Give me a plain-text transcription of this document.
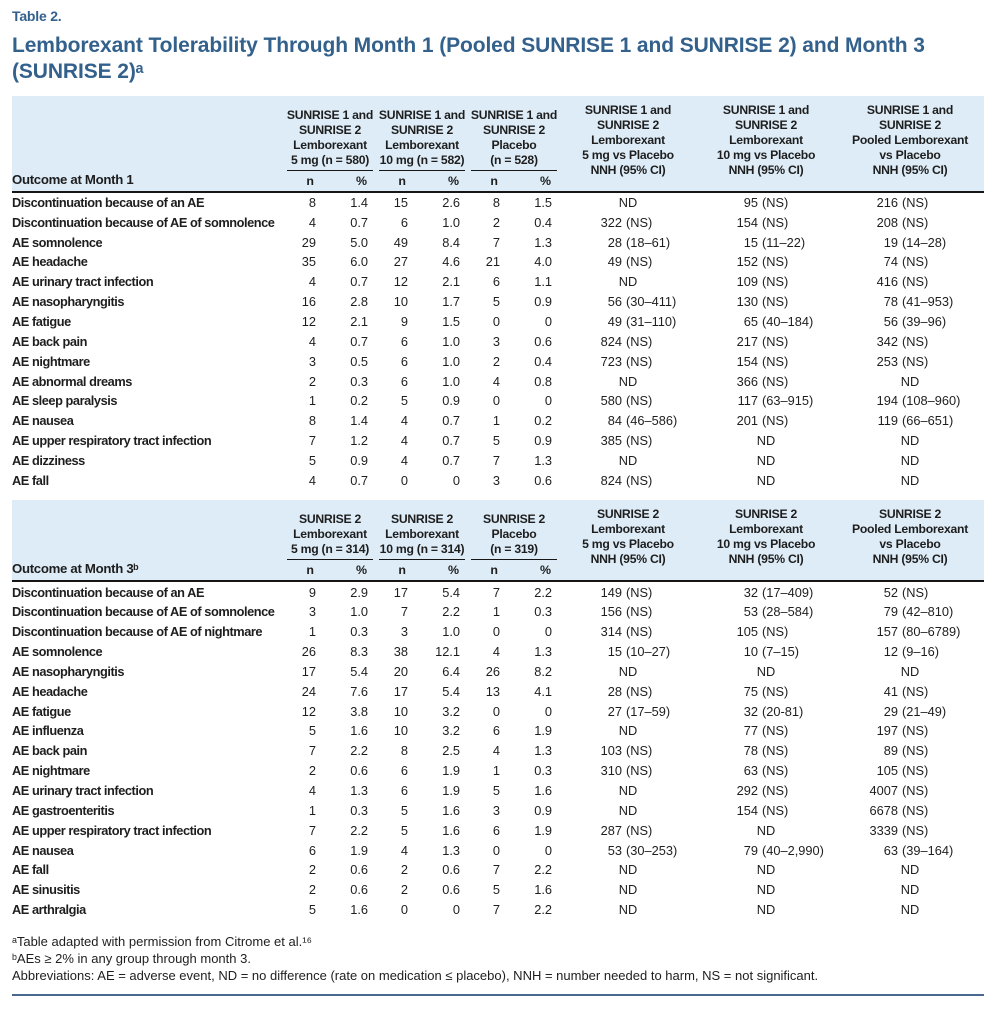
Table 2.
Lemborexant Tolerability Through Month 1 (Pooled SUNRISE 1 and SUNRISE 2) and Month 3
(SUNRISE 2)ᵃ
Outcome at Month 1
SUNRISE 1 and
SUNRISE 2
Lemborexant
5 mg (n = 580)
n	%
SUNRISE 1 and
SUNRISE 2
Lemborexant
10 mg (n = 582)
n	%
SUNRISE 1 and
SUNRISE 2
Placebo
(n = 528)
n	%
SUNRISE 1 and
SUNRISE 2
Lemborexant
5 mg vs Placebo
NNH (95% CI)
SUNRISE 1 and
SUNRISE 2
Lemborexant
10 mg vs Placebo
NNH (95% CI)
SUNRISE 1 and
SUNRISE 2
Pooled Lemborexant
vs Placebo
NNH (95% CI)
Discontinuation because of an AE	8	1.4	15	2.6	8	1.5	ND	95 (NS)	216 (NS)
Discontinuation because of AE of somnolence	4	0.7	6	1.0	2	0.4	322 (NS)	154 (NS)	208 (NS)
AE somnolence	29	5.0	49	8.4	7	1.3	28 (18–61)	15 (11–22)	19 (14–28)
AE headache	35	6.0	27	4.6	21	4.0	49 (NS)	152 (NS)	74 (NS)
AE urinary tract infection	4	0.7	12	2.1	6	1.1	ND	109 (NS)	416 (NS)
AE nasopharyngitis	16	2.8	10	1.7	5	0.9	56 (30–411)	130 (NS)	78 (41–953)
AE fatigue	12	2.1	9	1.5	0	0	49 (31–110)	65 (40–184)	56 (39–96)
AE back pain	4	0.7	6	1.0	3	0.6	824 (NS)	217 (NS)	342 (NS)
AE nightmare	3	0.5	6	1.0	2	0.4	723 (NS)	154 (NS)	253 (NS)
AE abnormal dreams	2	0.3	6	1.0	4	0.8	ND	366 (NS)	ND
AE sleep paralysis	1	0.2	5	0.9	0	0	580 (NS)	117 (63–915)	194 (108–960)
AE nausea	8	1.4	4	0.7	1	0.2	84 (46–586)	201 (NS)	119 (66–651)
AE upper respiratory tract infection	7	1.2	4	0.7	5	0.9	385 (NS)	ND	ND
AE dizziness	5	0.9	4	0.7	7	1.3	ND	ND	ND
AE fall	4	0.7	0	0	3	0.6	824 (NS)	ND	ND
Outcome at Month 3ᵇ
SUNRISE 2
Lemborexant
5 mg (n = 314)
n	%
SUNRISE 2
Lemborexant
10 mg (n = 314)
n	%
SUNRISE 2
Placebo
(n = 319)
n	%
SUNRISE 2
Lemborexant
5 mg vs Placebo
NNH (95% CI)
SUNRISE 2
Lemborexant
10 mg vs Placebo
NNH (95% CI)
SUNRISE 2
Pooled Lemborexant
vs Placebo
NNH (95% CI)
Discontinuation because of an AE	9	2.9	17	5.4	7	2.2	149 (NS)	32 (17–409)	52 (NS)
Discontinuation because of AE of somnolence	3	1.0	7	2.2	1	0.3	156 (NS)	53 (28–584)	79 (42–810)
Discontinuation because of AE of nightmare	1	0.3	3	1.0	0	0	314 (NS)	105 (NS)	157 (80–6789)
AE somnolence	26	8.3	38	12.1	4	1.3	15 (10–27)	10 (7–15)	12 (9–16)
AE nasopharyngitis	17	5.4	20	6.4	26	8.2	ND	ND	ND
AE headache	24	7.6	17	5.4	13	4.1	28 (NS)	75 (NS)	41 (NS)
AE fatigue	12	3.8	10	3.2	0	0	27 (17–59)	32 (20-81)	29 (21–49)
AE influenza	5	1.6	10	3.2	6	1.9	ND	77 (NS)	197 (NS)
AE back pain	7	2.2	8	2.5	4	1.3	103 (NS)	78 (NS)	89 (NS)
AE nightmare	2	0.6	6	1.9	1	0.3	310 (NS)	63 (NS)	105 (NS)
AE urinary tract infection	4	1.3	6	1.9	5	1.6	ND	292 (NS)	4007 (NS)
AE gastroenteritis	1	0.3	5	1.6	3	0.9	ND	154 (NS)	6678 (NS)
AE upper respiratory tract infection	7	2.2	5	1.6	6	1.9	287 (NS)	ND	3339 (NS)
AE nausea	6	1.9	4	1.3	0	0	53 (30–253)	79 (40–2,990)	63 (39–164)
AE fall	2	0.6	2	0.6	7	2.2	ND	ND	ND
AE sinusitis	2	0.6	2	0.6	5	1.6	ND	ND	ND
AE arthralgia	5	1.6	0	0	7	2.2	ND	ND	ND
ᵃTable adapted with permission from Citrome et al.¹⁶
ᵇAEs ≥ 2% in any group through month 3.
Abbreviations: AE = adverse event, ND = no difference (rate on medication ≤ placebo), NNH = number needed to harm, NS = not significant.
